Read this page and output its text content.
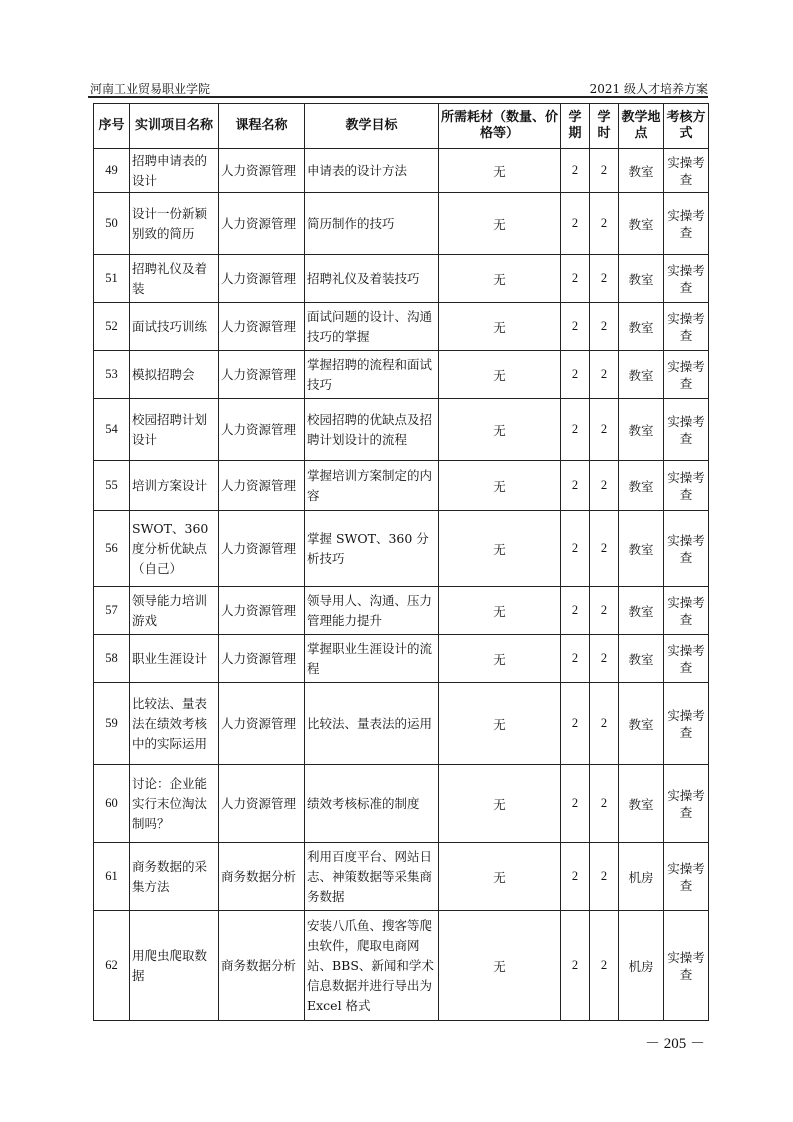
河南工业贸易职业学院	2021 级人才培养方案
序号	实训项目名称	课程名称	教学目标	所需耗材（数量、价格等）	学期	学时	教学地点	考核方式
49	招聘申请表的设计	人力资源管理	申请表的设计方法	无	2	2	教室	实操考查
50	设计一份新颖别致的简历	人力资源管理	简历制作的技巧	无	2	2	教室	实操考查
51	招聘礼仪及着装	人力资源管理	招聘礼仪及着装技巧	无	2	2	教室	实操考查
52	面试技巧训练	人力资源管理	面试问题的设计、沟通技巧的掌握	无	2	2	教室	实操考查
53	模拟招聘会	人力资源管理	掌握招聘的流程和面试技巧	无	2	2	教室	实操考查
54	校园招聘计划设计	人力资源管理	校园招聘的优缺点及招聘计划设计的流程	无	2	2	教室	实操考查
55	培训方案设计	人力资源管理	掌握培训方案制定的内容	无	2	2	教室	实操考查
56	SWOT、360度分析优缺点（自己）	人力资源管理	掌握 SWOT、360 分析技巧	无	2	2	教室	实操考查
57	领导能力培训游戏	人力资源管理	领导用人、沟通、压力管理能力提升	无	2	2	教室	实操考查
58	职业生涯设计	人力资源管理	掌握职业生涯设计的流程	无	2	2	教室	实操考查
59	比较法、量表法在绩效考核中的实际运用	人力资源管理	比较法、量表法的运用	无	2	2	教室	实操考查
60	讨论：企业能实行末位淘汰制吗？	人力资源管理	绩效考核标准的制度	无	2	2	教室	实操考查
61	商务数据的采集方法	商务数据分析	利用百度平台、网站日志、神策数据等采集商务数据	无	2	2	机房	实操考查
62	用爬虫爬取数据	商务数据分析	安装八爪鱼、搜客等爬虫软件，爬取电商网站、BBS、新闻和学术信息数据并进行导出为 Excel 格式	无	2	2	机房	实操考查
－ 205 －
